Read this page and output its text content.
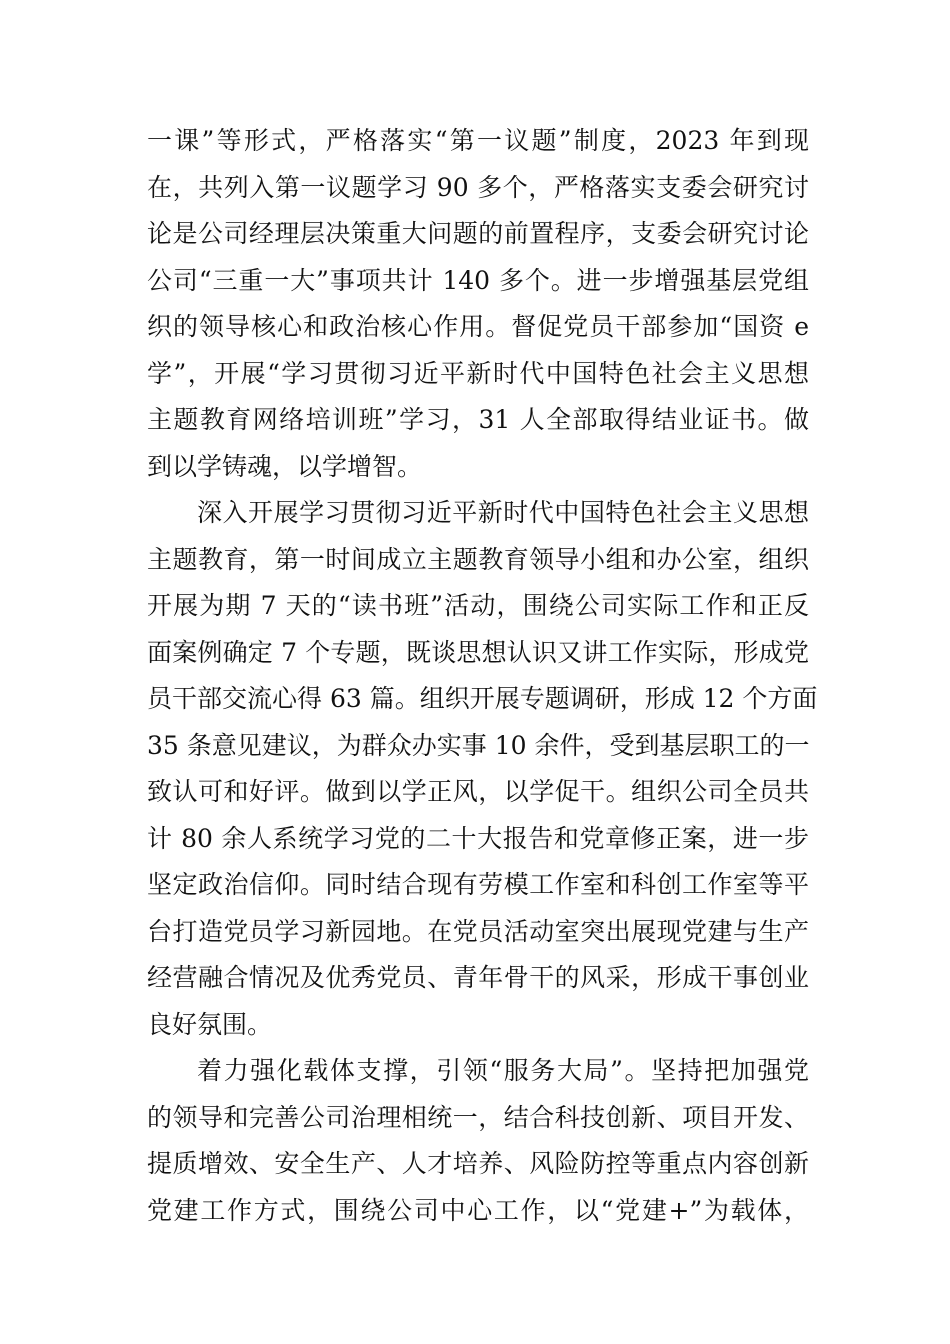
一课”等形式，严格落实“第一议题”制度，2023 年到现
在，共列入第一议题学习 90 多个，严格落实支委会研究讨
论是公司经理层决策重大问题的前置程序，支委会研究讨论
公司“三重一大”事项共计 140 多个。进一步增强基层党组
织的领导核心和政治核心作用。督促党员干部参加“国资 e
学”，开展“学习贯彻习近平新时代中国特色社会主义思想
主题教育网络培训班”学习，31 人全部取得结业证书。做
到以学铸魂，以学增智。
深入开展学习贯彻习近平新时代中国特色社会主义思想
主题教育，第一时间成立主题教育领导小组和办公室，组织
开展为期 7 天的“读书班”活动，围绕公司实际工作和正反
面案例确定 7 个专题，既谈思想认识又讲工作实际，形成党
员干部交流心得 63 篇。组织开展专题调研，形成 12 个方面
35 条意见建议，为群众办实事 10 余件，受到基层职工的一
致认可和好评。做到以学正风，以学促干。组织公司全员共
计 80 余人系统学习党的二十大报告和党章修正案，进一步
坚定政治信仰。同时结合现有劳模工作室和科创工作室等平
台打造党员学习新园地。在党员活动室突出展现党建与生产
经营融合情况及优秀党员、青年骨干的风采，形成干事创业
良好氛围。
着力强化载体支撑，引领“服务大局”。坚持把加强党
的领导和完善公司治理相统一，结合科技创新、项目开发、
提质增效、安全生产、人才培养、风险防控等重点内容创新
党建工作方式，围绕公司中心工作，以“党建+”为载体，
